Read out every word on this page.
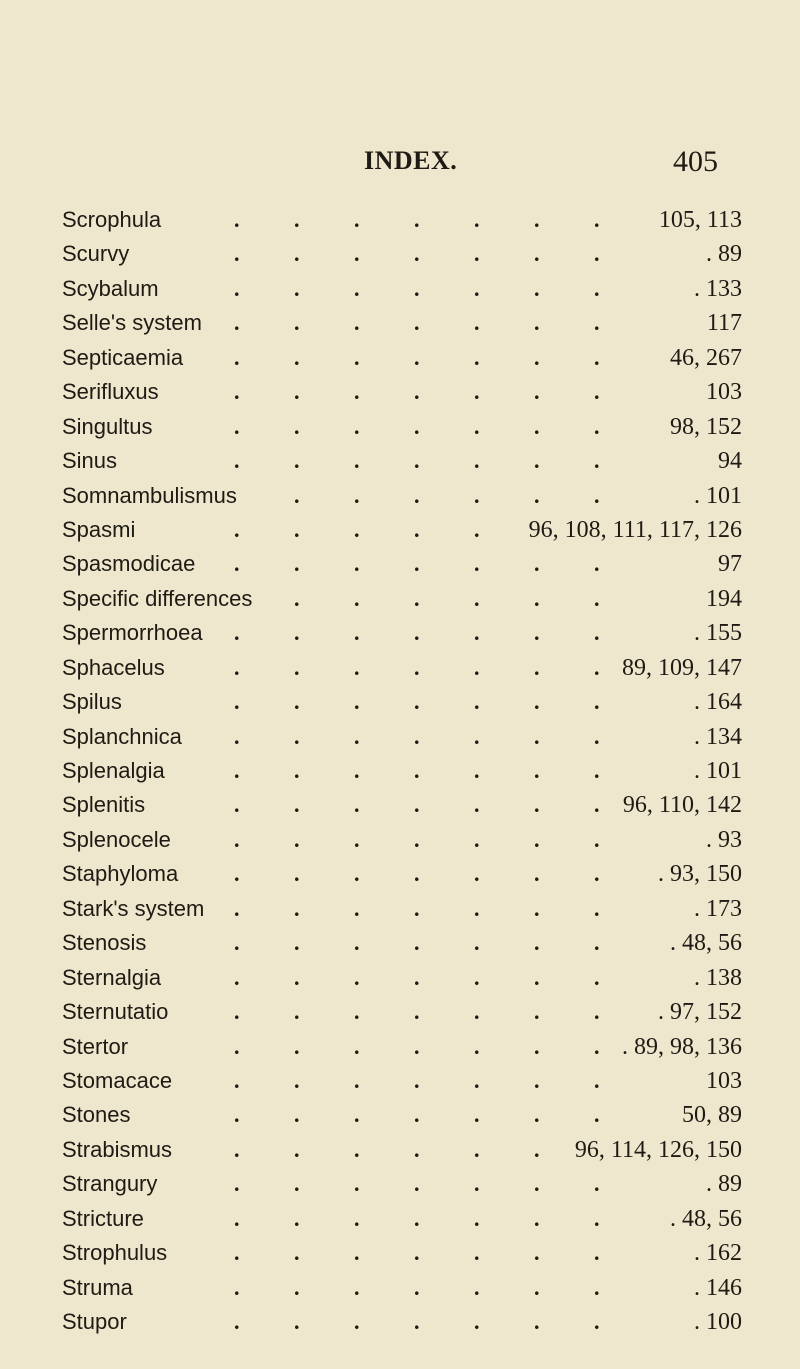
INDEX.	405
. . . . . . .
Scrophula	105, 113
. . . . . . .
Scurvy	. 89
. . . . . . .
Scybalum	. 133
. . . . . . .
Selle's system	117
. . . . . . .
Septicaemia	46, 267
. . . . . . .
Serifluxus	103
. . . . . . .
Singultus	98, 152
. . . . . . .
Sinus	94
. . . . . .
Somnambulismus	. 101
. . . . .
Spasmi	96, 108, 111, 117, 126
. . . . . . .
Spasmodicae	97
. . . . . .
Specific differences	194
. . . . . . .
Spermorrhoea	. 155
. . . . . . .
Sphacelus	89, 109, 147
. . . . . . .
Spilus	. 164
. . . . . . .
Splanchnica	. 134
. . . . . . .
Splenalgia	. 101
. . . . . . .
Splenitis	96, 110, 142
. . . . . . .
Splenocele	. 93
. . . . . . .
Staphyloma	. 93, 150
. . . . . . .
Stark's system	. 173
. . . . . . .
Stenosis	. 48, 56
. . . . . . .
Sternalgia	. 138
. . . . . . .
Sternutatio	. 97, 152
. . . . . . .
Stertor	. 89, 98, 136
. . . . . . .
Stomacace	103
. . . . . . .
Stones	50, 89
. . . . . .
Strabismus	96, 114, 126, 150
. . . . . . .
Strangury	. 89
. . . . . . .
Stricture	. 48, 56
. . . . . . .
Strophulus	. 162
. . . . . . .
Struma	. 146
. . . . . . .
Stupor	. 100
